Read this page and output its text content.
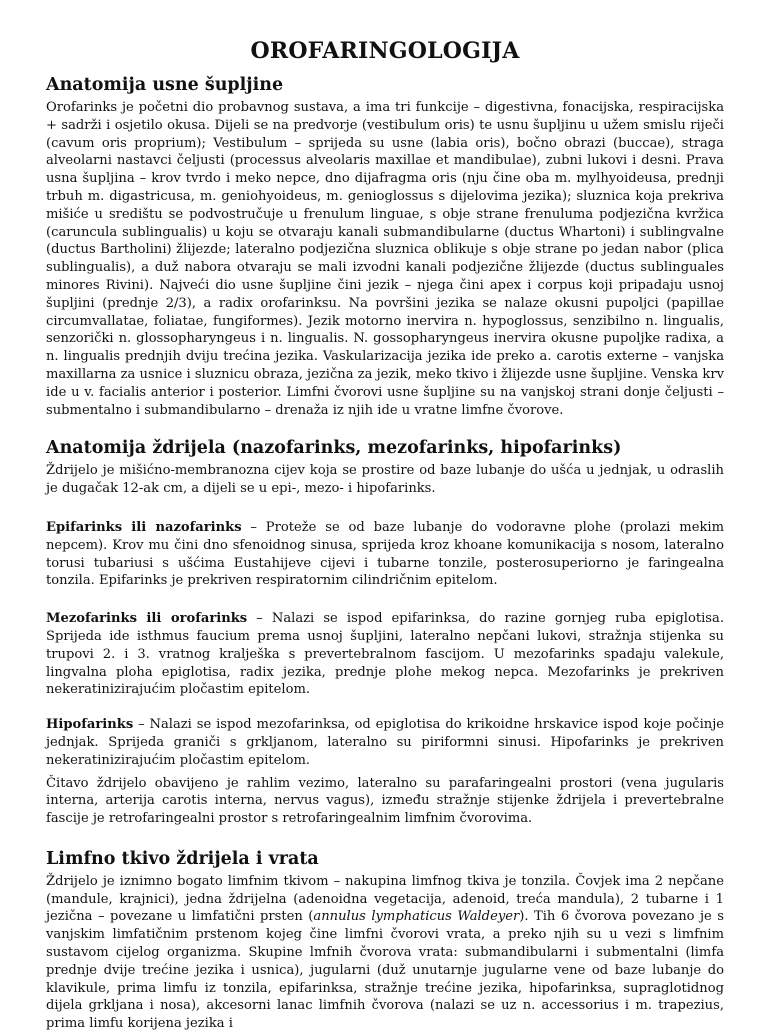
OROFARINGOLOGIJA
Anatomija usne šupljine

Orofarinks je početni dio probavnog sustava, a ima tri funkcije – digestivna, fonacijska, respiracijska + sadrži i osjetilo okusa. Dijeli se na predvorje (vestibulum oris) te usnu šupljinu u užem smislu riječi (cavum oris proprium); Vestibulum – sprijeda su usne (labia oris), bočno obrazi (buccae), straga alveolarni nastavci čeljusti (processus alveolaris maxillae et mandibulae), zubni lukovi i desni. Prava usna šupljina – krov tvrdo i meko nepce, dno dijafragma oris (nju čine oba m. mylhyoideusa, prednji trbuh m. digastricusa, m. geniohyoideus, m. genioglossus s dijelovima jezika); sluznica koja prekriva mišiće u središtu se podvostručuje u frenulum linguae, s obje strane frenuluma podjezična kvržica (caruncula sublingualis) u koju se otvaraju kanali submandibularne (ductus Whartoni) i sublingvalne (ductus Bartholini) žlijezde; lateralno podjezična sluznica oblikuje s obje strane po jedan nabor (plica sublingualis), a duž nabora otvaraju se mali izvodni kanali podjezične žlijezde (ductus sublinguales minores Rivini). Najveći dio usne šupljine čini jezik – njega čini apex i corpus koji pripadaju usnoj šupljini (prednje 2/3), a radix orofarinksu. Na površini jezika se nalaze okusni pupoljci (papillae circumvallatae, foliatae, fungiformes). Jezik motorno inervira n. hypoglossus, senzibilno n. lingualis, senzorički n. glossopharyngeus i n. lingualis. N. gossopharyngeus inervira okusne pupoljke radixa, a n. lingualis prednjih dviju trećina jezika. Vaskularizacija jezika ide preko a. carotis externe – vanjska maxillarna za usnice i sluznicu obraza, jezična za jezik, meko tkivo i žlijezde usne šupljine. Venska krv ide u v. facialis anterior i posterior. Limfni čvorovi usne šupljine su na vanjskoj strani donje čeljusti – submentalno i submandibularno – drenaža iz njih ide u vratne limfne čvorove.

Anatomija ždrijela (nazofarinks, mezofarinks, hipofarinks)

Ždrijelo je mišićno-membranozna cijev koja se prostire od baze lubanje do ušća u jednjak, u odraslih je dugačak 12-ak cm, a dijeli se u epi-, mezo- i hipofarinks.

Epifarinks ili nazofarinks – Proteže se od baze lubanje do vodoravne plohe (prolazi mekim nepcem). Krov mu čini dno sfenoidnog sinusa, sprijeda kroz khoane komunikacija s nosom, lateralno torusi tubariusi s ušćima Eustahijeve cijevi i tubarne tonzile, posterosuperiorno je faringealna tonzila. Epifarinks je prekriven respiratornim cilindričnim epitelom.

Mezofarinks ili orofarinks – Nalazi se ispod epifarinksa, do razine gornjeg ruba epiglotisa. Sprijeda ide isthmus faucium prema usnoj šupljini, lateralno nepčani lukovi, stražnja stijenka su trupovi 2. i 3. vratnog kralješka s prevertebralnom fascijom. U mezofarinks spadaju valekule, lingvalna ploha epiglotisa, radix jezika, prednje plohe mekog nepca. Mezofarinks je prekriven nekeratinizirajućim pločastim epitelom.

Hipofarinks – Nalazi se ispod mezofarinksa, od epiglotisa do krikoidne hrskavice ispod koje počinje jednjak. Sprijeda graniči s grkljanom, lateralno su piriformni sinusi. Hipofarinks je prekriven nekeratinizirajućim pločastim epitelom.

Čitavo ždrijelo obavijeno je rahlim vezimo, lateralno su parafaringealni prostori (vena jugularis interna, arterija carotis interna, nervus vagus), između stražnje stijenke ždrijela i prevertebralne fascije je retrofaringealni prostor s retrofaringealnim limfnim čvorovima.

Limfno tkivo ždrijela i vrata

Ždrijelo je iznimno bogato limfnim tkivom – nakupina limfnog tkiva je tonzila. Čovjek ima 2 nepčane (mandule, krajnici), jedna ždrijelna (adenoidna vegetacija, adenoid, treća mandula), 2 tubarne i 1 jezična – povezane u limfatični prsten (annulus lymphaticus Waldeyer). Tih 6 čvorova povezano je s vanjskim limfatičnim prstenom kojeg čine limfni čvorovi vrata, a preko njih su u vezi s limfnim sustavom cijelog organizma. Skupine lmfnih čvorova vrata: submandibularni i submentalni (limfa prednje dvije trećine jezika i usnica), jugularni (duž unutarnje jugularne vene od baze lubanje do klavikule, prima limfu iz tonzila, epifarinksa, stražnje trećine jezika, hipofarinksa, supraglotidnog dijela grkljana i nosa), akcesorni lanac limfnih čvorova (nalazi se uz n. accessorius i m. trapezius, prima limfu korijena jezika i
